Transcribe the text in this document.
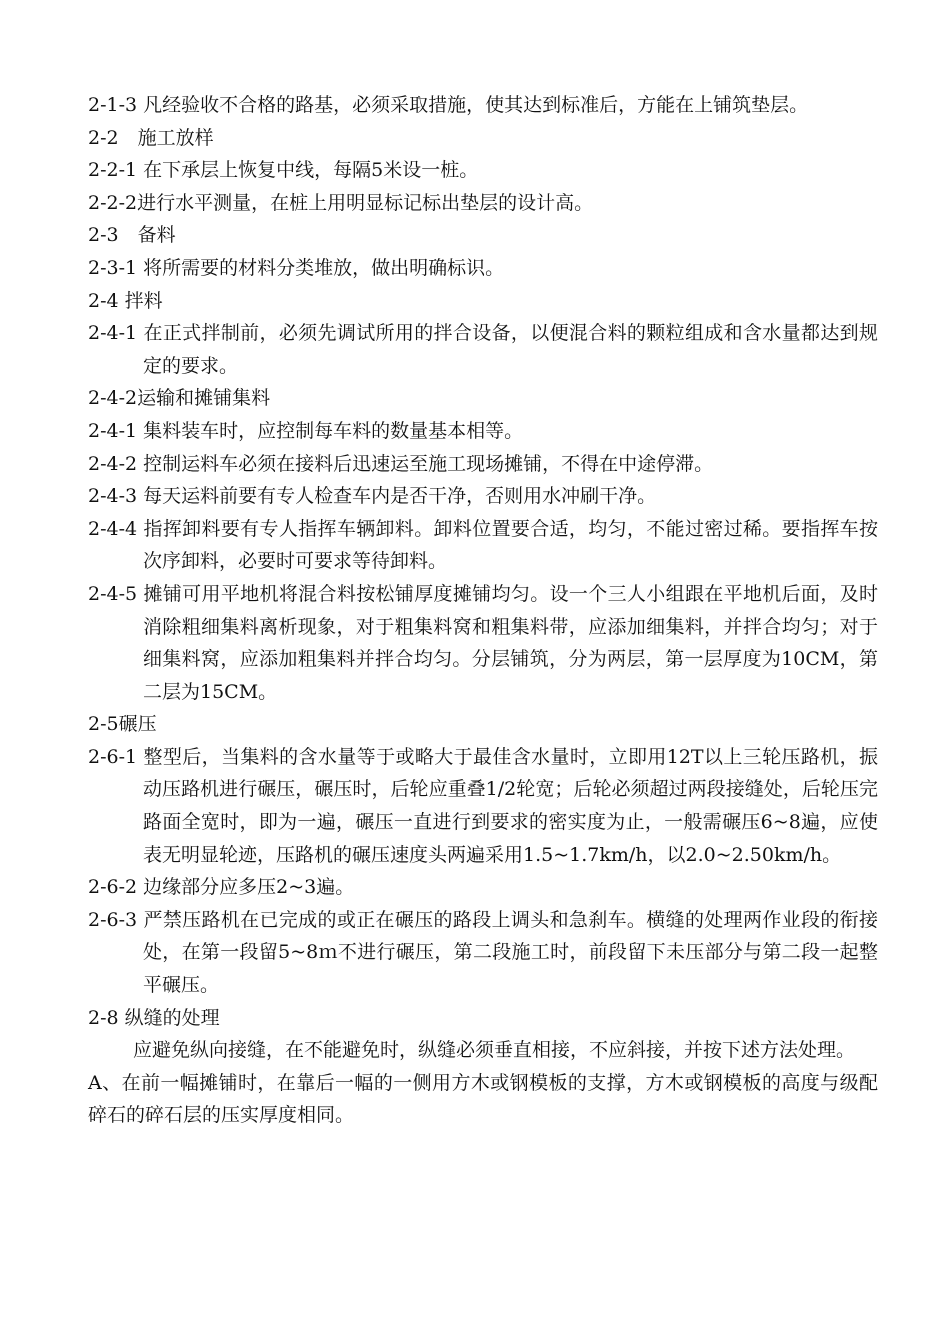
2-1-3 凡经验收不合格的路基，必须采取措施，使其达到标准后，方能在上铺筑垫层。

2-2　施工放样

2-2-1 在下承层上恢复中线，每隔5米设一桩。

2-2-2进行水平测量，在桩上用明显标记标出垫层的设计高。

2-3　备料

2-3-1 将所需要的材料分类堆放，做出明确标识。

2-4 拌料

2-4-1 在正式拌制前，必须先调试所用的拌合设备，以便混合料的颗粒组成和含水量都达到规定的要求。

2-4-2运输和摊铺集料

2-4-1 集料装车时，应控制每车料的数量基本相等。

2-4-2 控制运料车必须在接料后迅速运至施工现场摊铺，不得在中途停滞。

2-4-3 每天运料前要有专人检查车内是否干净，否则用水冲刷干净。

2-4-4 指挥卸料要有专人指挥车辆卸料。卸料位置要合适，均匀，不能过密过稀。要指挥车按次序卸料，必要时可要求等待卸料。

2-4-5 摊铺可用平地机将混合料按松铺厚度摊铺均匀。设一个三人小组跟在平地机后面，及时消除粗细集料离析现象，对于粗集料窝和粗集料带，应添加细集料，并拌合均匀；对于细集料窝，应添加粗集料并拌合均匀。分层铺筑，分为两层，第一层厚度为10CM，第二层为15CM。

2-5碾压

2-6-1 整型后，当集料的含水量等于或略大于最佳含水量时，立即用12T以上三轮压路机，振动压路机进行碾压，碾压时，后轮应重叠1/2轮宽；后轮必须超过两段接缝处，后轮压完路面全宽时，即为一遍，碾压一直进行到要求的密实度为止，一般需碾压6~8遍，应使表无明显轮迹，压路机的碾压速度头两遍采用1.5~1.7km/h，以2.0~2.50km/h。

2-6-2 边缘部分应多压2~3遍。

2-6-3 严禁压路机在已完成的或正在碾压的路段上调头和急刹车。横缝的处理两作业段的衔接处，在第一段留5~8ｍ不进行碾压，第二段施工时，前段留下未压部分与第二段一起整平碾压。

2-8 纵缝的处理

应避免纵向接缝，在不能避免时，纵缝必须垂直相接，不应斜接，并按下述方法处理。

A、在前一幅摊铺时，在靠后一幅的一侧用方木或钢模板的支撑，方木或钢模板的高度与级配碎石的碎石层的压实厚度相同。
